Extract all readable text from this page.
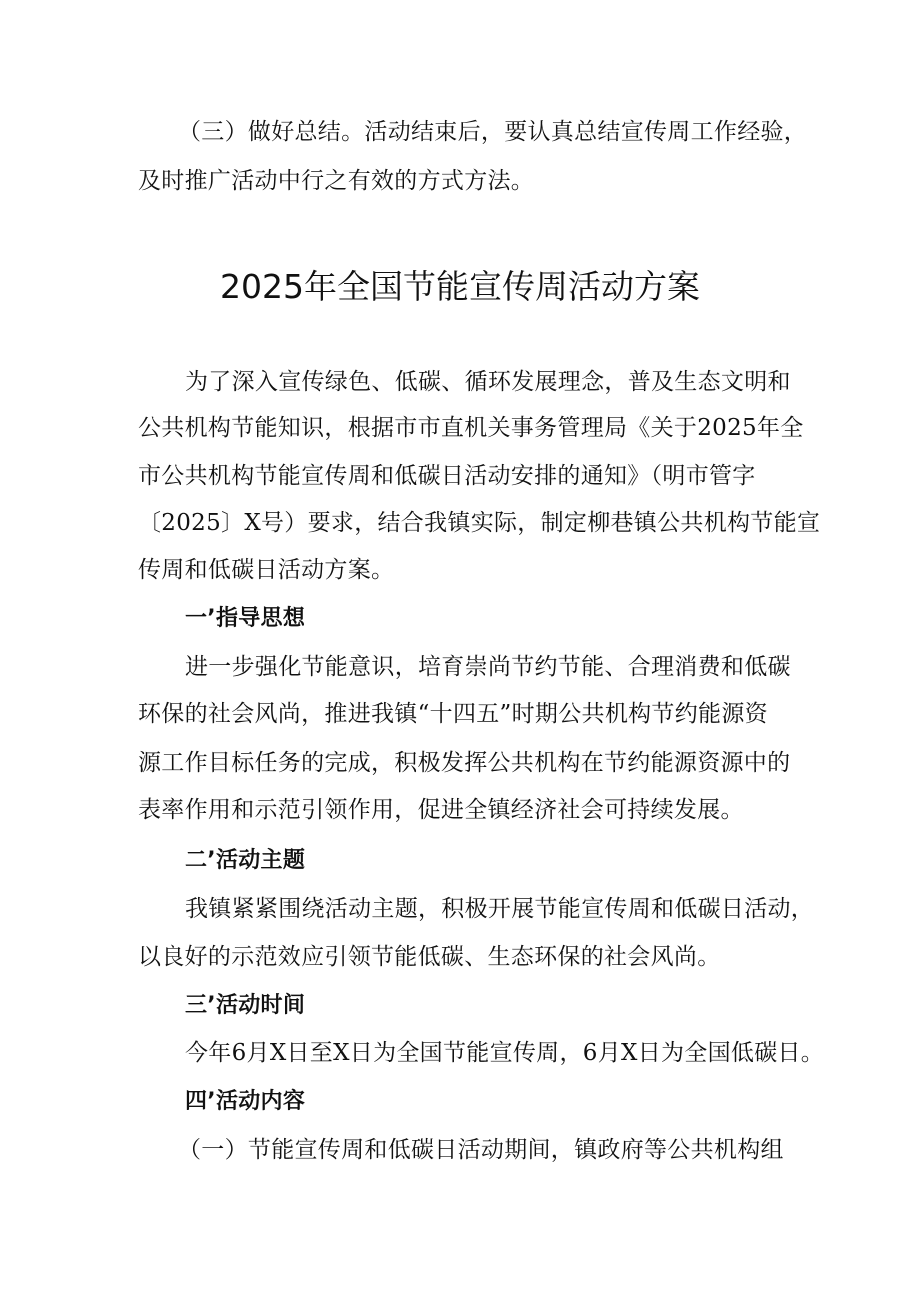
（三）做好总结。活动结束后，要认真总结宣传周工作经验，
及时推广活动中行之有效的方式方法。
2025年全国节能宣传周活动方案
为了深入宣传绿色、低碳、循环发展理念，普及生态文明和
公共机构节能知识，根据市市直机关事务管理局《关于2025年全
市公共机构节能宣传周和低碳日活动安排的通知》（明市管字
〔2025〕X号）要求，结合我镇实际，制定柳巷镇公共机构节能宣
传周和低碳日活动方案。
一’指导思想
进一步强化节能意识，培育崇尚节约节能、合理消费和低碳
环保的社会风尚，推进我镇“十四五”时期公共机构节约能源资
源工作目标任务的完成，积极发挥公共机构在节约能源资源中的
表率作用和示范引领作用，促进全镇经济社会可持续发展。
二’活动主题
我镇紧紧围绕活动主题，积极开展节能宣传周和低碳日活动，
以良好的示范效应引领节能低碳、生态环保的社会风尚。
三’活动时间
今年6月X日至X日为全国节能宣传周，6月X日为全国低碳日。
四’活动内容
（一）节能宣传周和低碳日活动期间，镇政府等公共机构组
